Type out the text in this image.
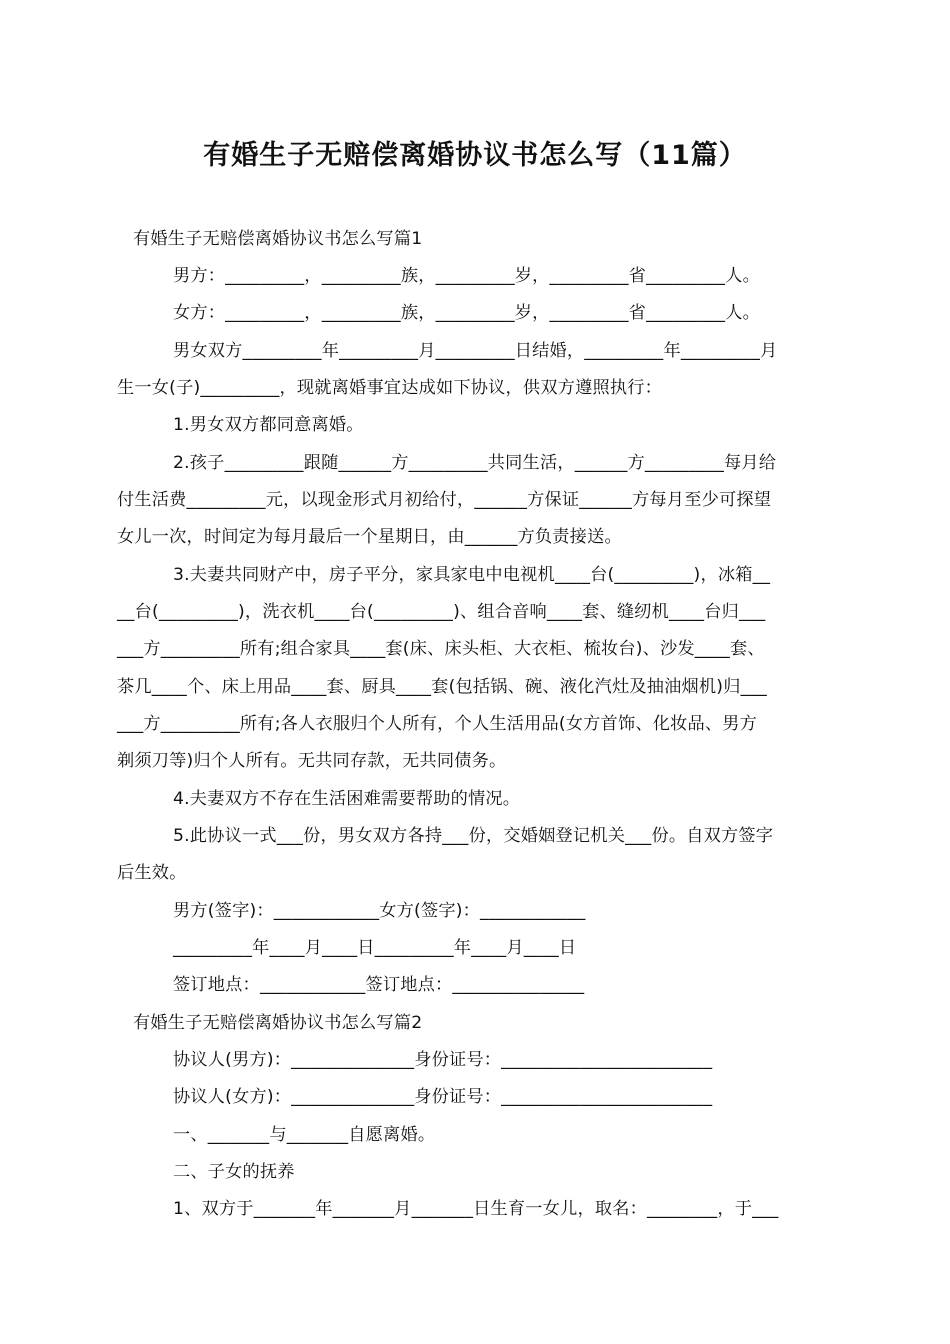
有婚生子无赔偿离婚协议书怎么写（11篇）
有婚生子无赔偿离婚协议书怎么写篇1
男方：_________，_________族，_________岁，_________省_________人。
女方：_________，_________族，_________岁，_________省_________人。
男女双方_________年_________月_________日结婚，_________年_________月
生一女(子)_________，现就离婚事宜达成如下协议，供双方遵照执行：
1.男女双方都同意离婚。
2.孩子_________跟随______方_________共同生活，______方_________每月给
付生活费_________元，以现金形式月初给付，______方保证______方每月至少可探望
女儿一次，时间定为每月最后一个星期日，由______方负责接送。
3.夫妻共同财产中，房子平分，家具家电中电视机____台(_________)，冰箱__
__台(_________)，洗衣机____台(_________)、组合音响____套、缝纫机____台归___
___方_________所有;组合家具____套(床、床头柜、大衣柜、梳妆台)、沙发____套、
茶几____个、床上用品____套、厨具____套(包括锅、碗、液化汽灶及抽油烟机)归___
___方_________所有;各人衣服归个人所有，个人生活用品(女方首饰、化妆品、男方
剃须刀等)归个人所有。无共同存款，无共同债务。
4.夫妻双方不存在生活困难需要帮助的情况。
5.此协议一式___份，男女双方各持___份，交婚姻登记机关___份。自双方签字
后生效。
男方(签字)：____________女方(签字)：____________
_________年____月____日_________年____月____日
签订地点：____________签订地点：_______________
有婚生子无赔偿离婚协议书怎么写篇2
协议人(男方)：______________身份证号：________________________
协议人(女方)：______________身份证号：________________________
一、_______与_______自愿离婚。
二、子女的抚养
1、双方于_______年_______月_______日生育一女儿，取名：________，于___
